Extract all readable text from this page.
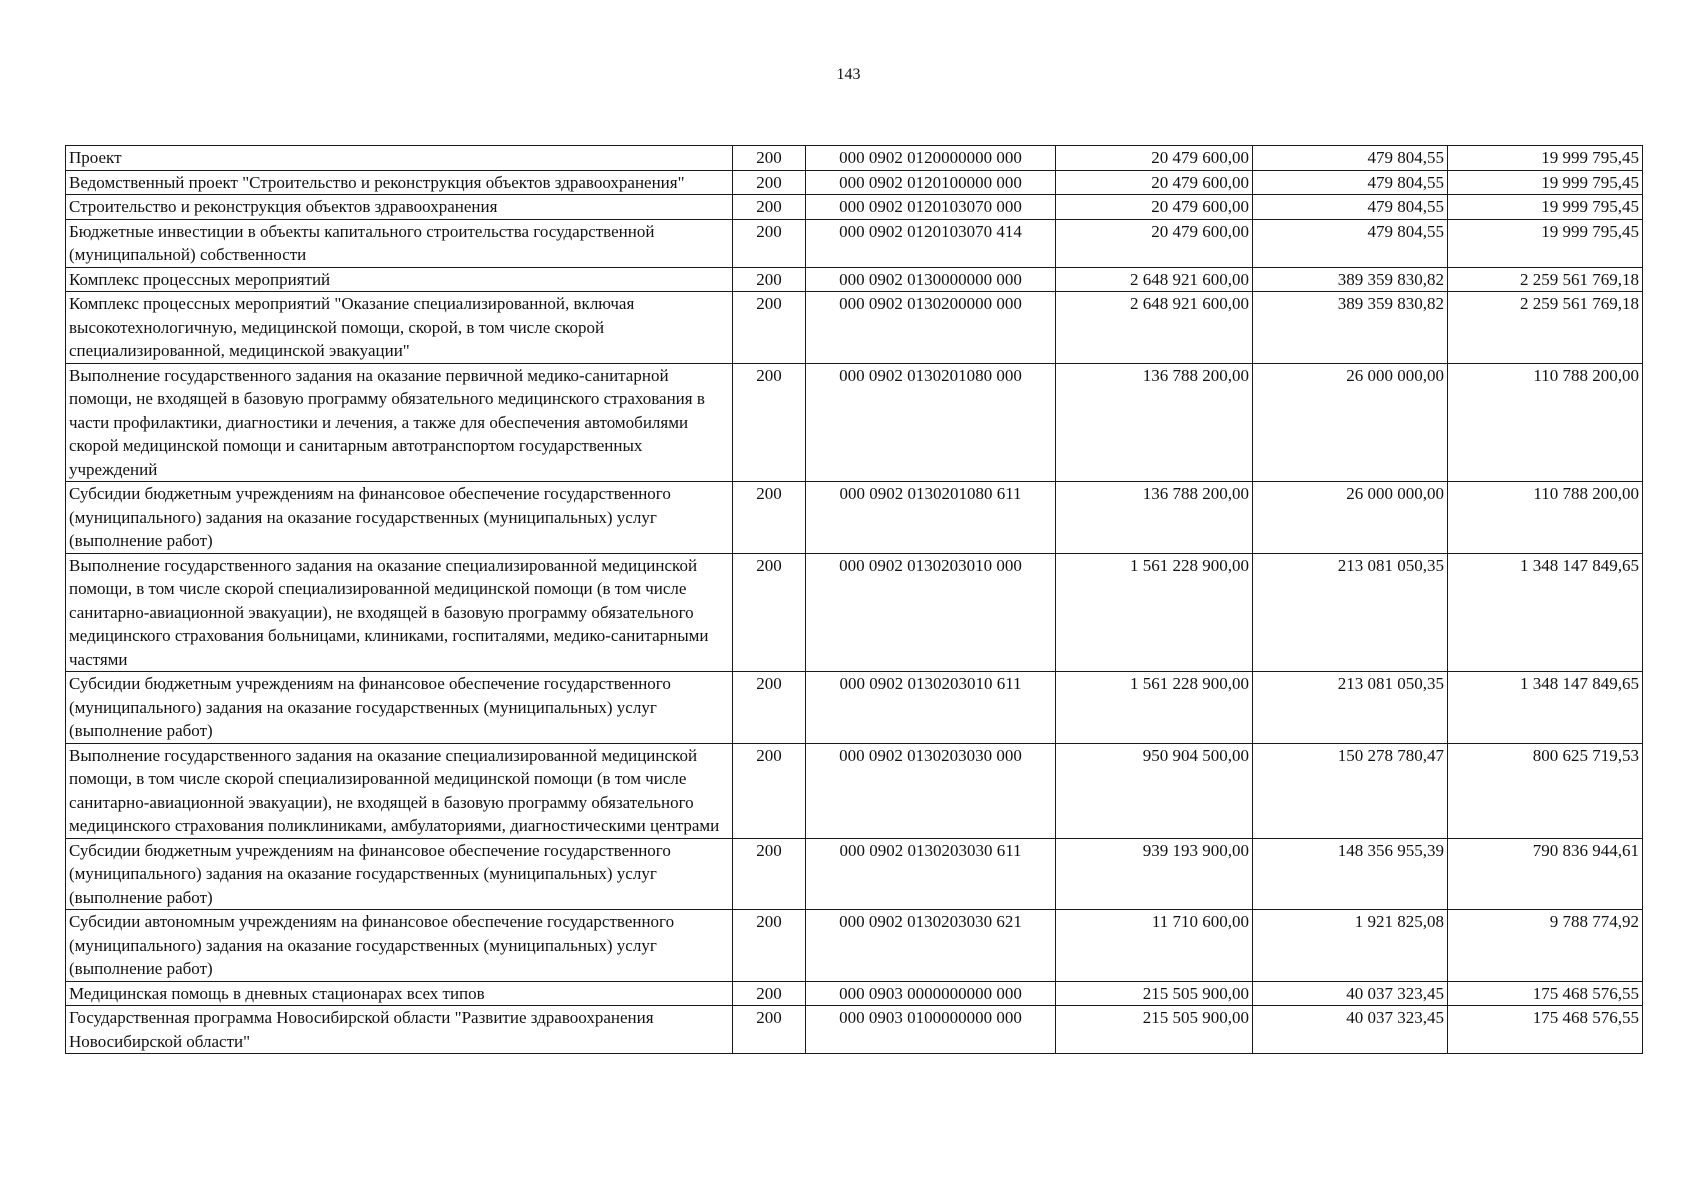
143
Проект	200	000 0902 0120000000 000	20 479 600,00	479 804,55	19 999 795,45
Ведомственный проект "Строительство и реконструкция объектов здравоохранения"	200	000 0902 0120100000 000	20 479 600,00	479 804,55	19 999 795,45
Строительство и реконструкция объектов здравоохранения	200	000 0902 0120103070 000	20 479 600,00	479 804,55	19 999 795,45
Бюджетные инвестиции в объекты капитального строительства государственной (муниципальной) собственности	200	000 0902 0120103070 414	20 479 600,00	479 804,55	19 999 795,45
Комплекс процессных мероприятий	200	000 0902 0130000000 000	2 648 921 600,00	389 359 830,82	2 259 561 769,18
Комплекс процессных мероприятий "Оказание специализированной, включая высокотехнологичную, медицинской помощи, скорой, в том числе скорой специализированной, медицинской эвакуации"	200	000 0902 0130200000 000	2 648 921 600,00	389 359 830,82	2 259 561 769,18
Выполнение государственного задания на оказание первичной медико-санитарной помощи, не входящей в базовую программу обязательного медицинского страхования в части профилактики, диагностики и лечения, а также для обеспечения автомобилями скорой медицинской помощи и санитарным автотранспортом государственных учреждений	200	000 0902 0130201080 000	136 788 200,00	26 000 000,00	110 788 200,00
Субсидии бюджетным учреждениям на финансовое обеспечение государственного (муниципального) задания на оказание государственных (муниципальных) услуг (выполнение работ)	200	000 0902 0130201080 611	136 788 200,00	26 000 000,00	110 788 200,00
Выполнение государственного задания на оказание специализированной медицинской помощи, в том числе скорой специализированной медицинской помощи (в том числе санитарно-авиационной эвакуации), не входящей в базовую программу обязательного медицинского страхования больницами, клиниками, госпиталями, медико-санитарными частями	200	000 0902 0130203010 000	1 561 228 900,00	213 081 050,35	1 348 147 849,65
Субсидии бюджетным учреждениям на финансовое обеспечение государственного (муниципального) задания на оказание государственных (муниципальных) услуг (выполнение работ)	200	000 0902 0130203010 611	1 561 228 900,00	213 081 050,35	1 348 147 849,65
Выполнение государственного задания на оказание специализированной медицинской помощи, в том числе скорой специализированной медицинской помощи (в том числе санитарно-авиационной эвакуации), не входящей в базовую программу обязательного медицинского страхования поликлиниками, амбулаториями, диагностическими центрами	200	000 0902 0130203030 000	950 904 500,00	150 278 780,47	800 625 719,53
Субсидии бюджетным учреждениям на финансовое обеспечение государственного (муниципального) задания на оказание государственных (муниципальных) услуг (выполнение работ)	200	000 0902 0130203030 611	939 193 900,00	148 356 955,39	790 836 944,61
Субсидии автономным учреждениям на финансовое обеспечение государственного (муниципального) задания на оказание государственных (муниципальных) услуг (выполнение работ)	200	000 0902 0130203030 621	11 710 600,00	1 921 825,08	9 788 774,92
Медицинская помощь в дневных стационарах всех типов	200	000 0903 0000000000 000	215 505 900,00	40 037 323,45	175 468 576,55
Государственная программа Новосибирской области "Развитие здравоохранения Новосибирской области"	200	000 0903 0100000000 000	215 505 900,00	40 037 323,45	175 468 576,55
